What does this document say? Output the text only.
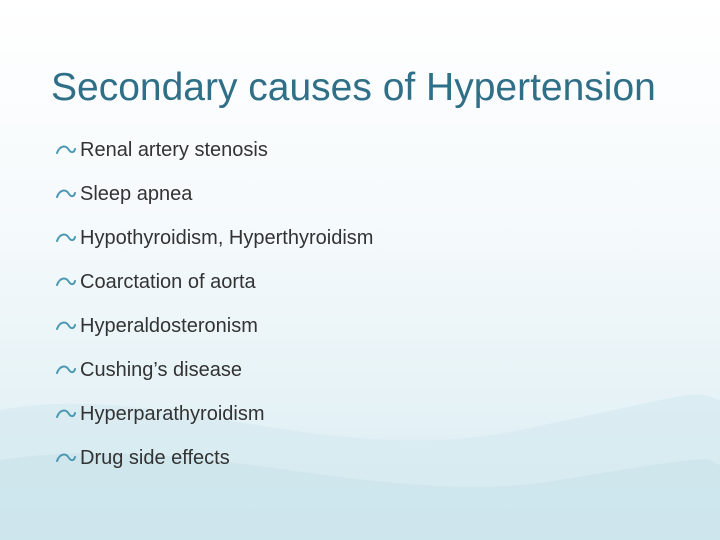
Secondary causes of Hypertension
Renal artery stenosis
Sleep apnea
Hypothyroidism, Hyperthyroidism
Coarctation of aorta
Hyperaldosteronism
Cushing’s disease
Hyperparathyroidism
Drug side effects
